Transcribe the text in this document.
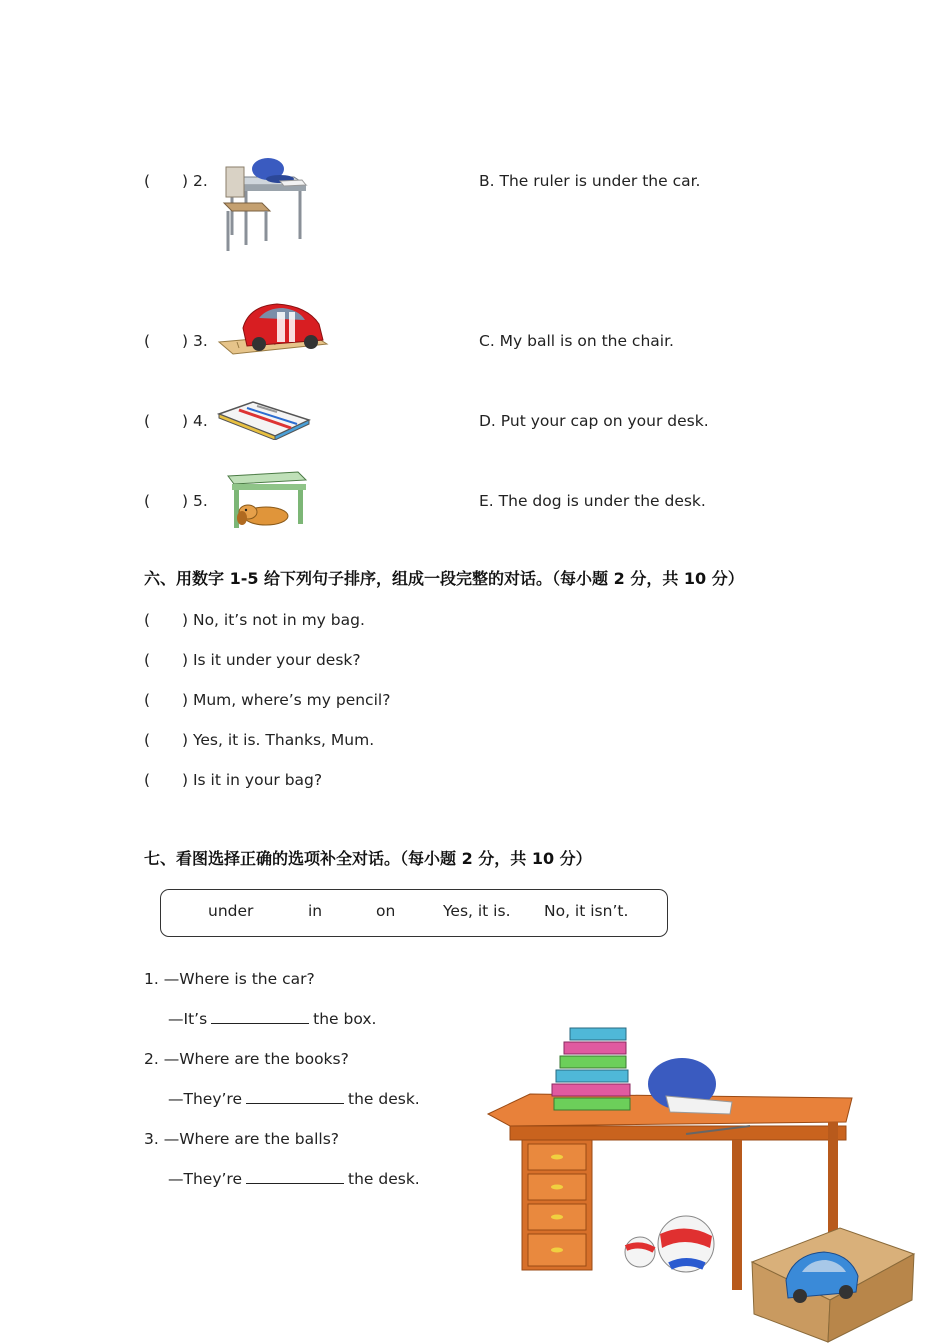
( ) 2.	B. The ruler is under the car.
( ) 3.	C. My ball is on the chair.
( ) 4.	D. Put your cap on your desk.
( ) 5.	E. The dog is under the desk.
六、用数字 1-5 给下列句子排序，组成一段完整的对话。（每小题 2 分，共 10 分）
( ) No, it’s not in my bag.
( ) Is it under your desk?
( ) Mum, where’s my pencil?
( ) Yes, it is. Thanks, Mum.
( ) Is it in your bag?
七、看图选择正确的选项补全对话。（每小题 2 分，共 10 分）
under	in	on	Yes, it is. No, it isn’t.
1. —Where is the car?
—It’s	the box.
2. —Where are the books?
—They’re	the desk.
3. —Where are the balls?
—They’re	the desk.
